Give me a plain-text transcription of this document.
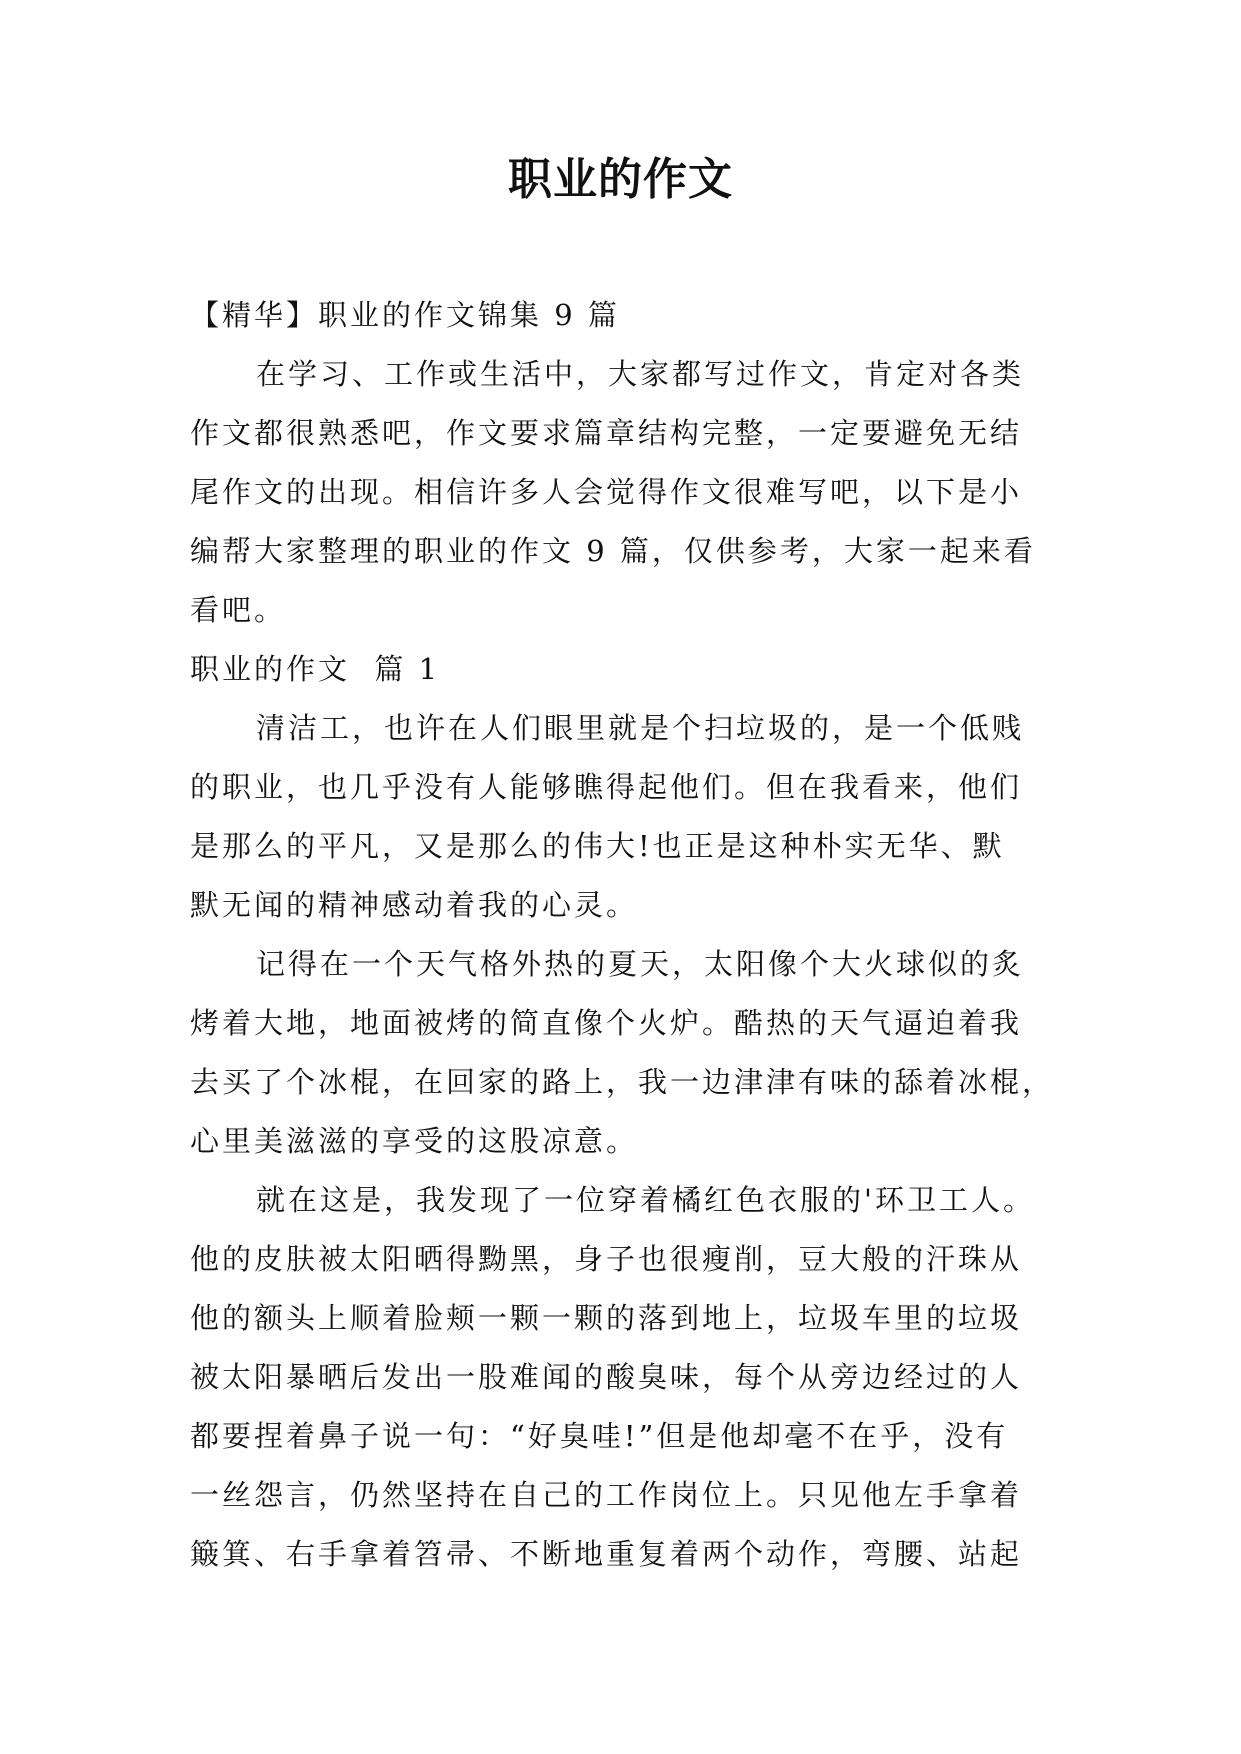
职业的作文

【精华】职业的作文锦集 9 篇

在学习、工作或生活中，大家都写过作文，肯定对各类

作文都很熟悉吧，作文要求篇章结构完整，一定要避免无结

尾作文的出现。相信许多人会觉得作文很难写吧，以下是小

编帮大家整理的职业的作文 9 篇，仅供参考，大家一起来看

看吧。

职业的作文  篇 1

清洁工，也许在人们眼里就是个扫垃圾的，是一个低贱

的职业，也几乎没有人能够瞧得起他们。但在我看来，他们

是那么的平凡，又是那么的伟大!也正是这种朴实无华、默

默无闻的精神感动着我的心灵。

记得在一个天气格外热的夏天，太阳像个大火球似的炙

烤着大地，地面被烤的简直像个火炉。酷热的天气逼迫着我

去买了个冰棍，在回家的路上，我一边津津有味的舔着冰棍，

心里美滋滋的享受的这股凉意。

就在这是，我发现了一位穿着橘红色衣服的'环卫工人。

他的皮肤被太阳晒得黝黑，身子也很瘦削，豆大般的汗珠从

他的额头上顺着脸颊一颗一颗的落到地上，垃圾车里的垃圾

被太阳暴晒后发出一股难闻的酸臭味，每个从旁边经过的人

都要捏着鼻子说一句：“好臭哇!”但是他却毫不在乎，没有

一丝怨言，仍然坚持在自己的工作岗位上。只见他左手拿着

簸箕、右手拿着笤帚、不断地重复着两个动作，弯腰、站起
